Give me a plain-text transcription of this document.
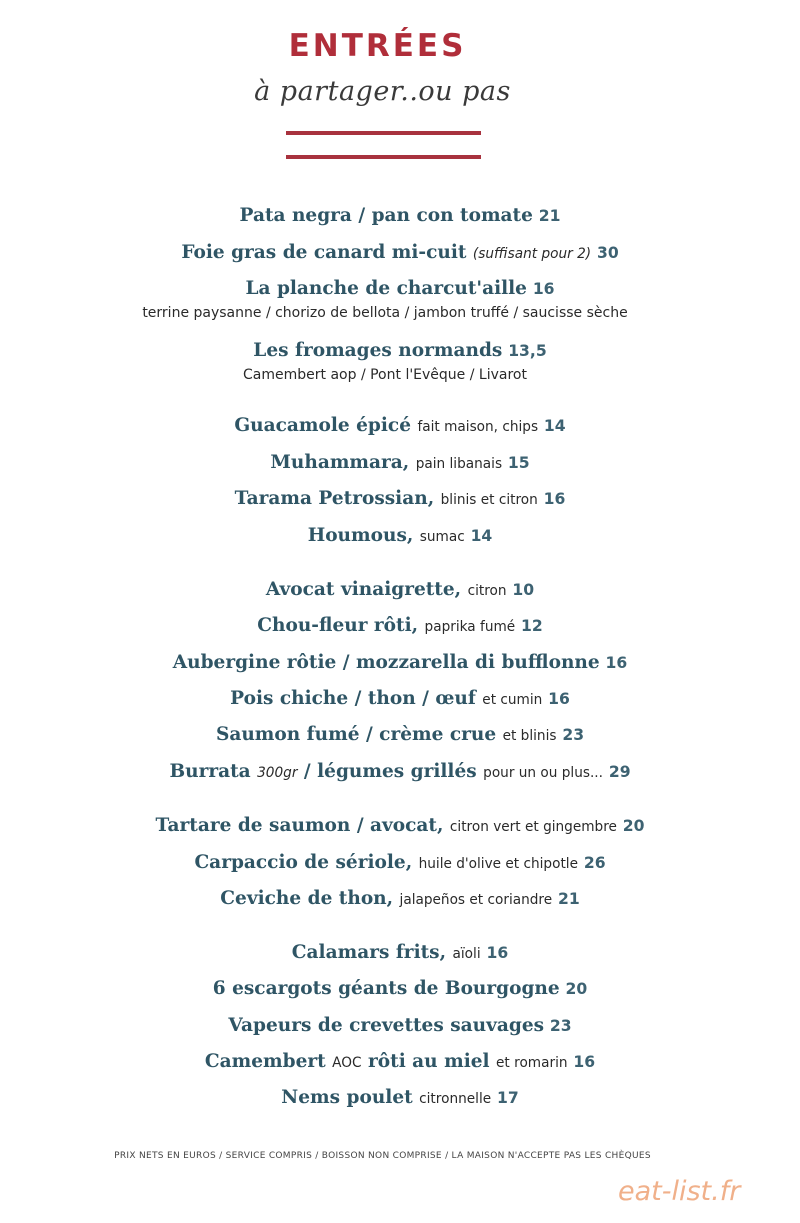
ENTRÉES
à partager..ou pas
Pata negra / pan con tomate 21
Foie gras de canard mi-cuit (suffisant pour 2) 30
La planche de charcut'aille 16
terrine paysanne / chorizo de bellota / jambon truffé / saucisse sèche
Les fromages normands 13,5
Camembert aop / Pont l'Evêque / Livarot
Guacamole épicé fait maison, chips 14
Muhammara, pain libanais 15
Tarama Petrossian, blinis et citron 16
Houmous, sumac 14
Avocat vinaigrette, citron 10
Chou-fleur rôti, paprika fumé 12
Aubergine rôtie / mozzarella di bufflonne 16
Pois chiche / thon / œuf et cumin 16
Saumon fumé / crème crue et blinis 23
Burrata 300gr / légumes grillés pour un ou plus... 29
Tartare de saumon / avocat, citron vert et gingembre 20
Carpaccio de sériole, huile d'olive et chipotle 26
Ceviche de thon, jalapeños et coriandre 21
Calamars frits, aïoli 16
6 escargots géants de Bourgogne 20
Vapeurs de crevettes sauvages 23
Camembert AOC rôti au miel et romarin 16
Nems poulet citronnelle 17
PRIX NETS EN EUROS / SERVICE COMPRIS / BOISSON NON COMPRISE / LA MAISON N'ACCEPTE PAS LES CHÈQUES
eat-list.fr
